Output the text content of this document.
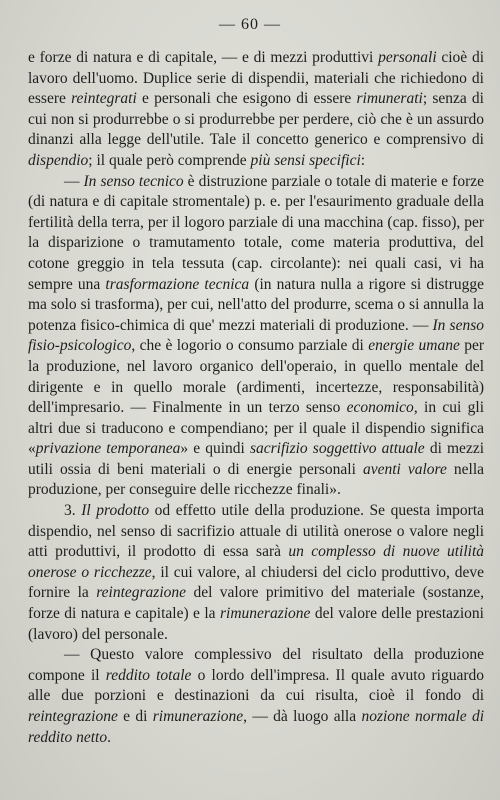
— 60 —

e forze di natura e di capitale, — e di mezzi produttivi personali cioè di lavoro dell'uomo. Duplice serie di dispendii, materiali che richiedono di essere reintegrati e personali che esigono di essere rimunerati; senza di cui non si produrrebbe o si produrrebbe per perdere, ciò che è un assurdo dinanzi alla legge dell'utile. Tale il concetto generico e comprensivo di dispendio; il quale però comprende più sensi specifici:

— In senso tecnico è distruzione parziale o totale di materie e forze (di natura e di capitale stromentale) p. e. per l'esaurimento graduale della fertilità della terra, per il logoro parziale di una macchina (cap. fisso), per la disparizione o tramutamento totale, come materia produttiva, del cotone greggio in tela tessuta (cap. circolante): nei quali casi, vi ha sempre una trasformazione tecnica (in natura nulla a rigore si distrugge ma solo si trasforma), per cui, nell'atto del produrre, scema o si annulla la potenza fisico-chimica di que' mezzi materiali di produzione. — In senso fisio-psicologico, che è logorio o consumo parziale di energie umane per la produzione, nel lavoro organico dell'operaio, in quello mentale del dirigente e in quello morale (ardimenti, incertezze, responsabilità) dell'impresario. — Finalmente in un terzo senso economico, in cui gli altri due si traducono e compendiano; per il quale il dispendio significa «privazione temporanea» e quindi sacrifizio soggettivo attuale di mezzi utili ossia di beni materiali o di energie personali aventi valore nella produzione, per conseguire delle ricchezze finali».

3. Il prodotto od effetto utile della produzione. Se questa importa dispendio, nel senso di sacrifizio attuale di utilità onerose o valore negli atti produttivi, il prodotto di essa sarà un complesso di nuove utilità onerose o ricchezze, il cui valore, al chiudersi del ciclo produttivo, deve fornire la reintegrazione del valore primitivo del materiale (sostanze, forze di natura e capitale) e la rimunerazione del valore delle prestazioni (lavoro) del personale.

— Questo valore complessivo del risultato della produzione compone il reddito totale o lordo dell'impresa. Il quale avuto riguardo alle due porzioni e destinazioni da cui risulta, cioè il fondo di reintegrazione e di rimunerazione, — dà luogo alla nozione normale di reddito netto.
